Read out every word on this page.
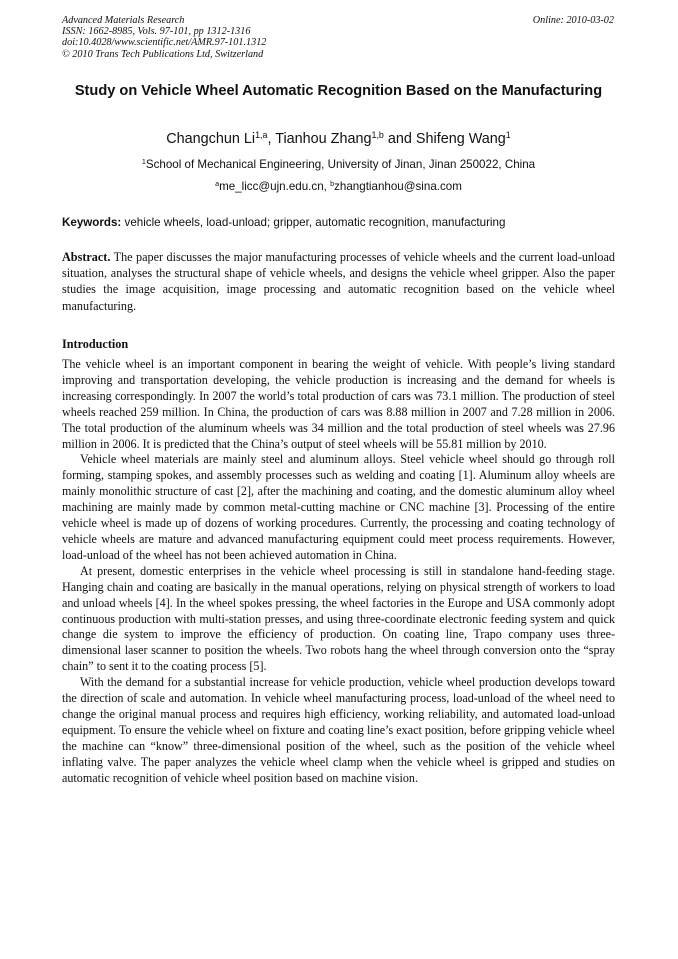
Advanced Materials Research
ISSN: 1662-8985, Vols. 97-101, pp 1312-1316
doi:10.4028/www.scientific.net/AMR.97-101.1312
© 2010 Trans Tech Publications Ltd, Switzerland
Online: 2010-03-02
Study on Vehicle Wheel Automatic Recognition Based on the Manufacturing
Changchun Li$^{1,a}$, Tianhou Zhang$^{1,b}$ and Shifeng Wang$^1$
$^1$School of Mechanical Engineering, University of Jinan, Jinan 250022, China
$^a$me_licc@ujn.edu.cn, $^b$zhangtianhou@sina.com
Keywords: vehicle wheels, load-unload; gripper, automatic recognition, manufacturing
Abstract. The paper discusses the major manufacturing processes of vehicle wheels and the current load-unload situation, analyses the structural shape of vehicle wheels, and designs the vehicle wheel gripper. Also the paper studies the image acquisition, image processing and automatic recognition based on the vehicle wheel manufacturing.
Introduction

The vehicle wheel is an important component in bearing the weight of vehicle. With people’s living standard improving and transportation developing, the vehicle production is increasing and the demand for wheels is increasing correspondingly. In 2007 the world’s total production of cars was 73.1 million. The production of steel wheels reached 259 million. In China, the production of cars was 8.88 million in 2007 and 7.28 million in 2006. The total production of the aluminum wheels was 34 million and the total production of steel wheels was 27.96 million in 2006. It is predicted that the China’s output of steel wheels will be 55.81 million by 2010.

Vehicle wheel materials are mainly steel and aluminum alloys. Steel vehicle wheel should go through roll forming, stamping spokes, and assembly processes such as welding and coating [1]. Aluminum alloy wheels are mainly monolithic structure of cast [2], after the machining and coating, and the domestic aluminum alloy wheel machining are mainly made by common metal-cutting machine or CNC machine [3]. Processing of the entire vehicle wheel is made up of dozens of working procedures. Currently, the processing and coating technology of vehicle wheels are mature and advanced manufacturing equipment could meet process requirements. However, load-unload of the wheel has not been achieved automation in China.

At present, domestic enterprises in the vehicle wheel processing is still in standalone hand-feeding stage. Hanging chain and coating are basically in the manual operations, relying on physical strength of workers to load and unload wheels [4]. In the wheel spokes pressing, the wheel factories in the Europe and USA commonly adopt continuous production with multi-station presses, and using three-coordinate electronic feeding system and quick change die system to improve the efficiency of production. On coating line, Trapo company uses three-dimensional laser scanner to position the wheels. Two robots hang the wheel through conversion onto the “spray chain” to sent it to the coating process [5].

With the demand for a substantial increase for vehicle production, vehicle wheel production develops toward the direction of scale and automation. In vehicle wheel manufacturing process, load-unload of the wheel need to change the original manual process and requires high efficiency, working reliability, and automated load-unload equipment. To ensure the vehicle wheel on fixture and coating line’s exact position, before gripping vehicle wheel the machine can “know” three-dimensional position of the wheel, such as the position of the vehicle wheel inflating valve. The paper analyzes the vehicle wheel clamp when the vehicle wheel is gripped and studies on automatic recognition of vehicle wheel position based on machine vision.
